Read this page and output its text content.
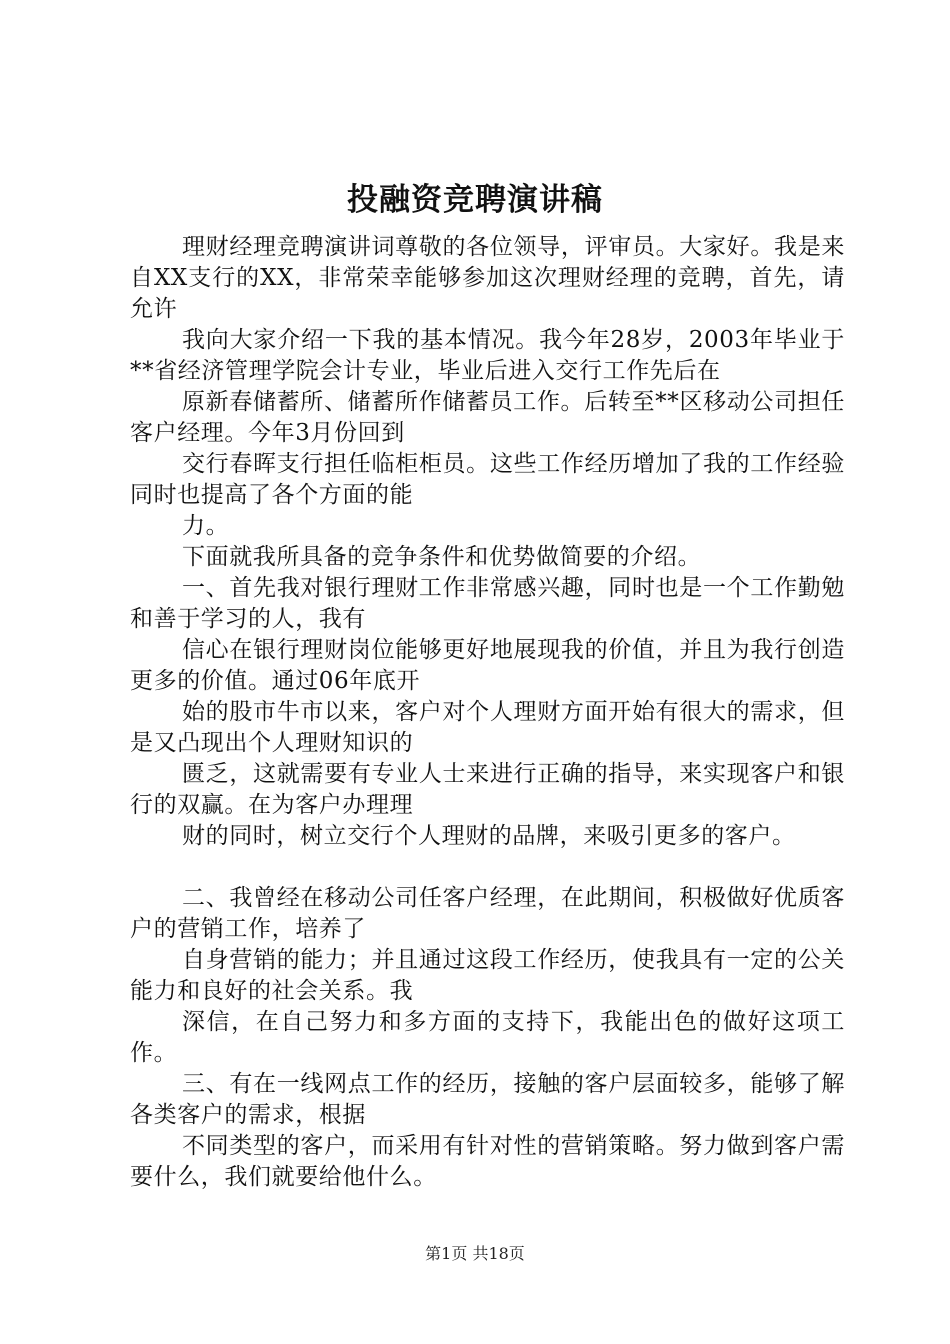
投融资竞聘演讲稿

理财经理竞聘演讲词尊敬的各位领导，评审员。大家好。我是来自XX支行的XX，非常荣幸能够参加这次理财经理的竞聘，首先，请允许

我向大家介绍一下我的基本情况。我今年28岁，2003年毕业于**省经济管理学院会计专业，毕业后进入交行工作先后在

原新春储蓄所、储蓄所作储蓄员工作。后转至**区移动公司担任客户经理。今年3月份回到

交行春晖支行担任临柜柜员。这些工作经历增加了我的工作经验同时也提高了各个方面的能

力。

下面就我所具备的竞争条件和优势做简要的介绍。

一、首先我对银行理财工作非常感兴趣，同时也是一个工作勤勉和善于学习的人，我有

信心在银行理财岗位能够更好地展现我的价值，并且为我行创造更多的价值。通过06年底开

始的股市牛市以来，客户对个人理财方面开始有很大的需求，但是又凸现出个人理财知识的

匮乏，这就需要有专业人士来进行正确的指导，来实现客户和银行的双赢。在为客户办理理

财的同时，树立交行个人理财的品牌，来吸引更多的客户。

二、我曾经在移动公司任客户经理，在此期间，积极做好优质客户的营销工作，培养了

自身营销的能力；并且通过这段工作经历，使我具有一定的公关能力和良好的社会关系。我

深信，在自己努力和多方面的支持下，我能出色的做好这项工作。

三、有在一线网点工作的经历，接触的客户层面较多，能够了解各类客户的需求，根据

不同类型的客户，而采用有针对性的营销策略。努力做到客户需要什么，我们就要给他什么。

第1页 共18页
